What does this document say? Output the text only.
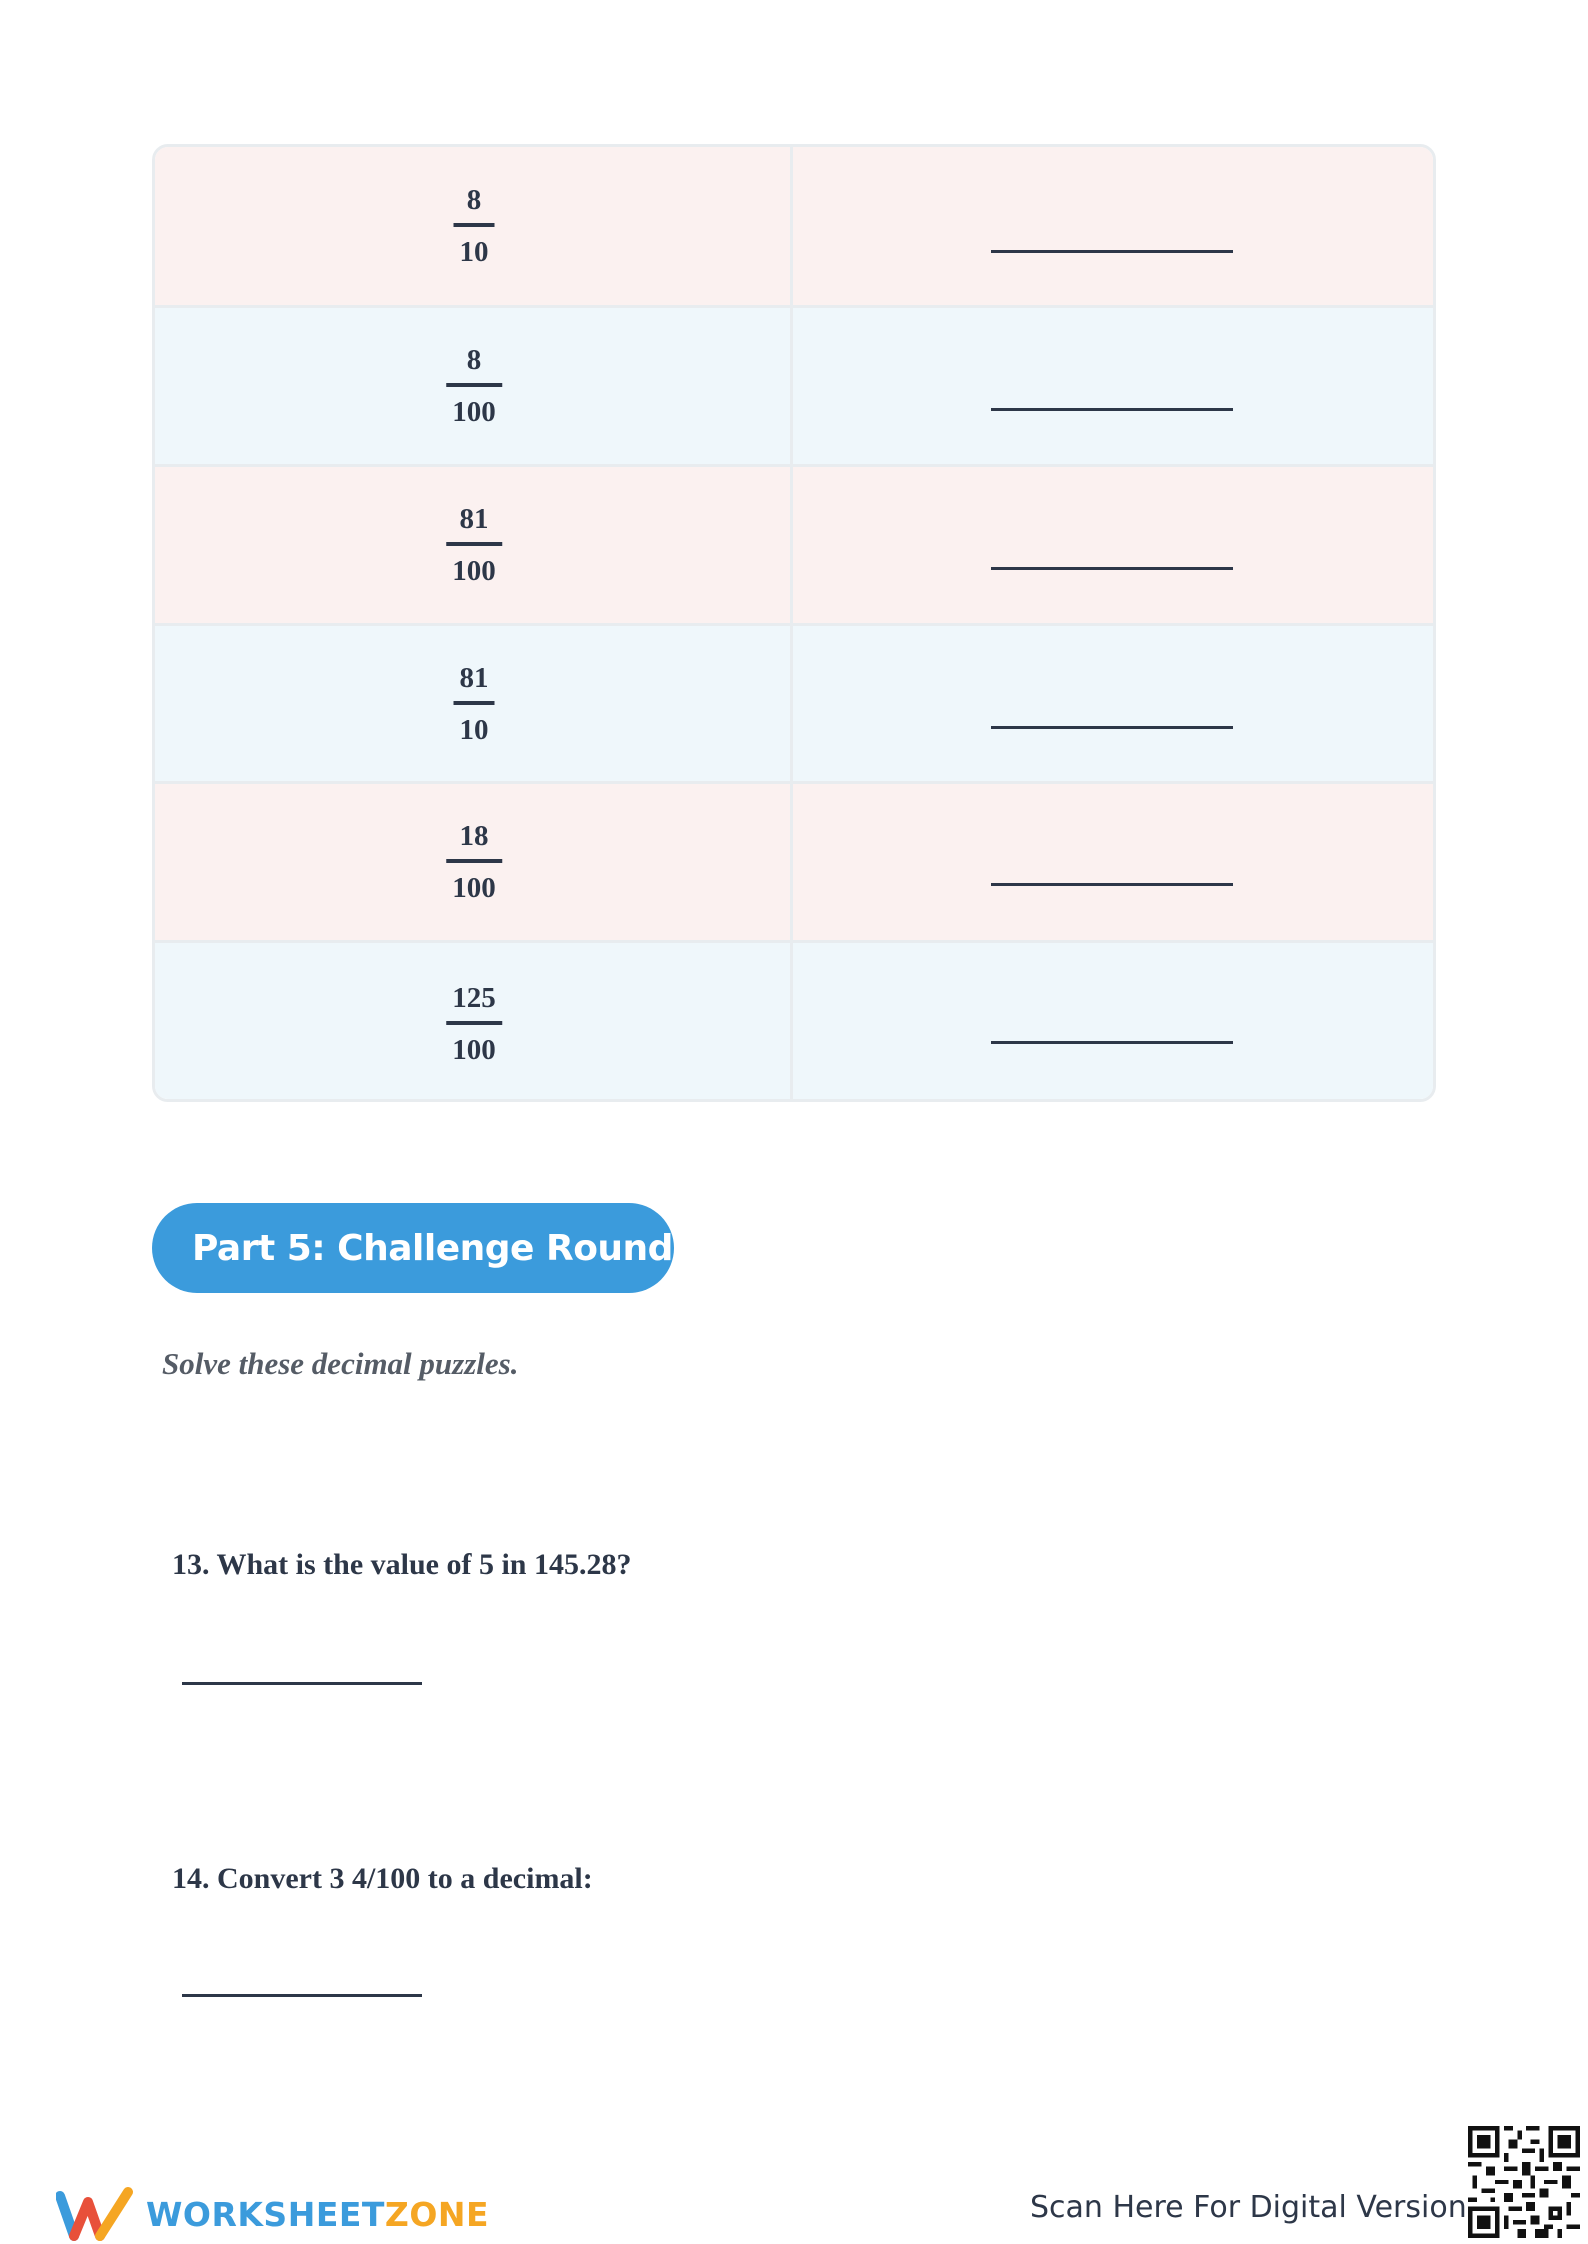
8
10
8
100
81
100
81
10
18
100
125
100
Part 5: Challenge Round
Solve these decimal puzzles.
13. What is the value of 5 in 145.28?
14. Convert 3 4/100 to a decimal:
WORKSHEETZONE	Scan Here For Digital Version
